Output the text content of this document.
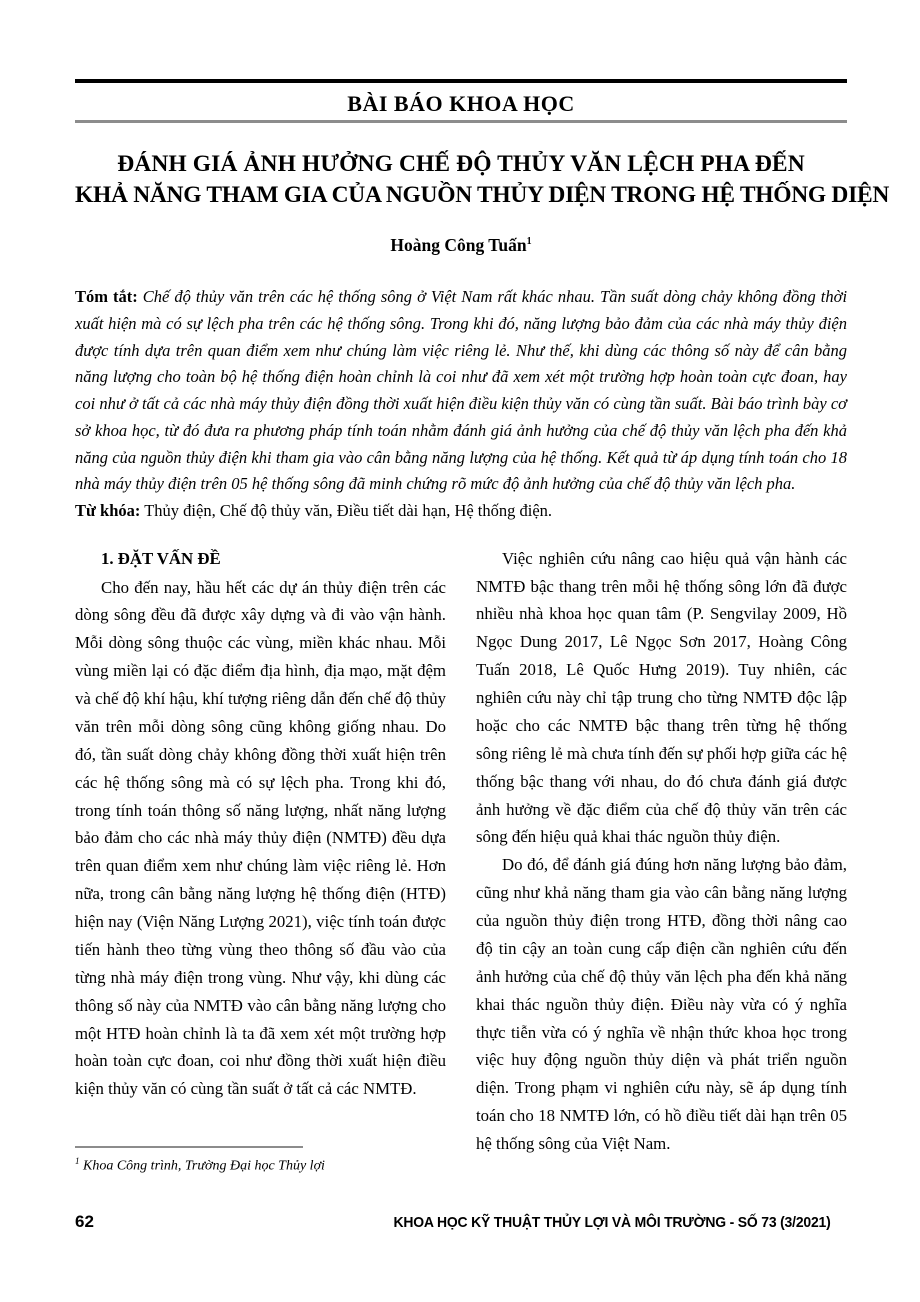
BÀI BÁO KHOA HỌC
ĐÁNH GIÁ ẢNH HƯỞNG CHẾ ĐỘ THỦY VĂN LỆCH PHA ĐẾN
KHẢ NĂNG THAM GIA CỦA NGUỒN THỦY DIỆN TRONG HỆ THỐNG DIỆN
Hoàng Công Tuấn$^1$
Tóm tắt: Chế độ thủy văn trên các hệ thống sông ở Việt Nam rất khác nhau. Tần suất dòng chảy không đồng thời xuất hiện mà có sự lệch pha trên các hệ thống sông. Trong khi đó, năng lượng bảo đảm của các nhà máy thủy điện được tính dựa trên quan điểm xem như chúng làm việc riêng lẻ. Như thế, khi dùng các thông số này để cân bằng năng lượng cho toàn bộ hệ thống điện hoàn chỉnh là coi như đã xem xét một trường hợp hoàn toàn cực đoan, hay coi như ở tất cả các nhà máy thủy điện đồng thời xuất hiện điều kiện thủy văn có cùng tần suất. Bài báo trình bày cơ sở khoa học, từ đó đưa ra phương pháp tính toán nhằm đánh giá ảnh hưởng của chế độ thủy văn lệch pha đến khả năng của nguồn thủy điện khi tham gia vào cân bằng năng lượng của hệ thống. Kết quả từ áp dụng tính toán cho 18 nhà máy thủy điện trên 05 hệ thống sông đã minh chứng rõ mức độ ảnh hưởng của chế độ thủy văn lệch pha.
Từ khóa: Thủy điện, Chế độ thủy văn, Điều tiết dài hạn, Hệ thống điện.
1. ĐẶT VẤN ĐỀ

Cho đến nay, hầu hết các dự án thủy điện trên các dòng sông đều đã được xây dựng và đi vào vận hành. Mỗi dòng sông thuộc các vùng, miền khác nhau. Mỗi vùng miền lại có đặc điểm địa hình, địa mạo, mặt đệm và chế độ khí hậu, khí tượng riêng dẫn đến chế độ thủy văn trên mỗi dòng sông cũng không giống nhau. Do đó, tần suất dòng chảy không đồng thời xuất hiện trên các hệ thống sông mà có sự lệch pha. Trong khi đó, trong tính toán thông số năng lượng, nhất năng lượng bảo đảm cho các nhà máy thủy điện (NMTĐ) đều dựa trên quan điểm xem như chúng làm việc riêng lẻ. Hơn nữa, trong cân bằng năng lượng hệ thống điện (HTĐ) hiện nay (Viện Năng Lượng 2021), việc tính toán được tiến hành theo từng vùng theo thông số đầu vào của từng nhà máy điện trong vùng. Như vậy, khi dùng các thông số này của NMTĐ vào cân bằng năng lượng cho một HTĐ hoàn chỉnh là ta đã xem xét một trường hợp hoàn toàn cực đoan, coi như đồng thời xuất hiện điều kiện thủy văn có cùng tần suất ở tất cả các NMTĐ.

Việc nghiên cứu nâng cao hiệu quả vận hành các NMTĐ bậc thang trên mỗi hệ thống sông lớn đã được nhiều nhà khoa học quan tâm (P. Sengvilay 2009, Hồ Ngọc Dung 2017, Lê Ngọc Sơn 2017, Hoàng Công Tuấn 2018, Lê Quốc Hưng 2019). Tuy nhiên, các nghiên cứu này chỉ tập trung cho từng NMTĐ độc lập hoặc cho các NMTĐ bậc thang trên từng hệ thống sông riêng lẻ mà chưa tính đến sự phối hợp giữa các hệ thống bậc thang với nhau, do đó chưa đánh giá được ảnh hưởng về đặc điểm của chế độ thủy văn trên các sông đến hiệu quả khai thác nguồn thủy điện.

Do đó, để đánh giá đúng hơn năng lượng bảo đảm, cũng như khả năng tham gia vào cân bằng năng lượng của nguồn thủy điện trong HTĐ, đồng thời nâng cao độ tin cậy an toàn cung cấp điện cần nghiên cứu đến ảnh hưởng của chế độ thủy văn lệch pha đến khả năng khai thác nguồn thủy điện. Điều này vừa có ý nghĩa thực tiễn vừa có ý nghĩa về nhận thức khoa học trong việc huy động nguồn thủy diện và phát triển nguồn diện. Trong phạm vi nghiên cứu này, sẽ áp dụng tính toán cho 18 NMTĐ lớn, có hồ điều tiết dài hạn trên 05 hệ thống sông của Việt Nam.

$^1$ Khoa Công trình, Trường Đại học Thủy lợi
62	KHOA HỌC KỸ THUẬT THỦY LỢI VÀ MÔI TRƯỜNG - SỐ 73 (3/2021)
